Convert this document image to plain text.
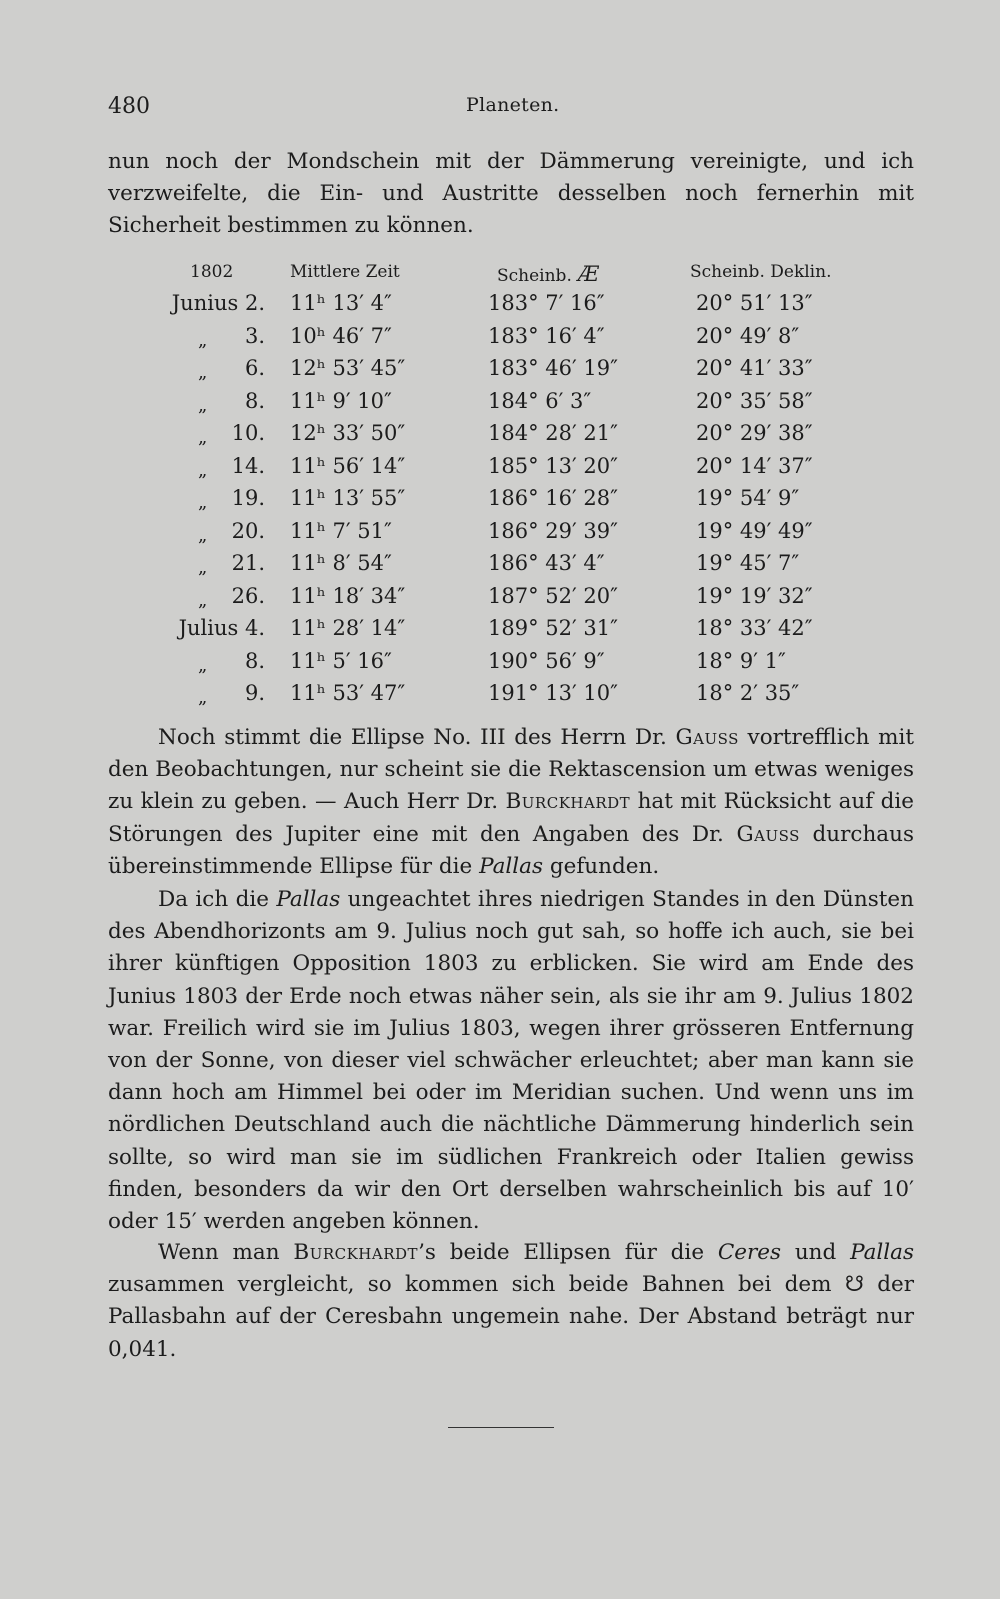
480	Planeten.

nun noch der Mondschein mit der Dämmerung vereinigte, und ich verzweifelte, die Ein- und Austritte desselben noch fernerhin mit Sicherheit bestimmen zu können.

1802	Mittlere Zeit	Scheinb. Æ	Scheinb. Deklin.
Junius 2. 11ʰ 13′ 4″	183° 7′ 16″	20° 51′ 13″
„ 3. 10ʰ 46′ 7″	183° 16′ 4″	20° 49′ 8″
„ 6. 12ʰ 53′ 45″	183° 46′ 19″	20° 41′ 33″
„ 8. 11ʰ 9′ 10″	184° 6′ 3″	20° 35′ 58″
„ 10. 12ʰ 33′ 50″	184° 28′ 21″	20° 29′ 38″
„ 14. 11ʰ 56′ 14″	185° 13′ 20″	20° 14′ 37″
„ 19. 11ʰ 13′ 55″	186° 16′ 28″	19° 54′ 9″
„ 20. 11ʰ 7′ 51″	186° 29′ 39″	19° 49′ 49″
„ 21. 11ʰ 8′ 54″	186° 43′ 4″	19° 45′ 7″
„ 26. 11ʰ 18′ 34″	187° 52′ 20″	19° 19′ 32″
Julius 4. 11ʰ 28′ 14″	189° 52′ 31″	18° 33′ 42″
„ 8. 11ʰ 5′ 16″	190° 56′ 9″	18° 9′ 1″
„ 9. 11ʰ 53′ 47″	191° 13′ 10″	18° 2′ 35″

Noch stimmt die Ellipse No. III des Herrn Dr. Gauss vortrefflich mit den Beobachtungen, nur scheint sie die Rektascension um etwas weniges zu klein zu geben. — Auch Herr Dr. Burckhardt hat mit Rücksicht auf die Störungen des Jupiter eine mit den Angaben des Dr. Gauss durchaus übereinstimmende Ellipse für die Pallas gefunden.

Da ich die Pallas ungeachtet ihres niedrigen Standes in den Dünsten des Abendhorizonts am 9. Julius noch gut sah, so hoffe ich auch, sie bei ihrer künftigen Opposition 1803 zu erblicken. Sie wird am Ende des Junius 1803 der Erde noch etwas näher sein, als sie ihr am 9. Julius 1802 war. Freilich wird sie im Julius 1803, wegen ihrer grösseren Entfernung von der Sonne, von dieser viel schwächer erleuchtet; aber man kann sie dann hoch am Himmel bei oder im Meridian suchen. Und wenn uns im nördlichen Deutschland auch die nächtliche Dämmerung hinderlich sein sollte, so wird man sie im südlichen Frankreich oder Italien gewiss finden, besonders da wir den Ort derselben wahrscheinlich bis auf 10′ oder 15′ werden angeben können.

Wenn man Burckhardt’s beide Ellipsen für die Ceres und Pallas zusammen vergleicht, so kommen sich beide Bahnen bei dem ☋ der Pallasbahn auf der Ceresbahn ungemein nahe. Der Abstand beträgt nur 0,041.
